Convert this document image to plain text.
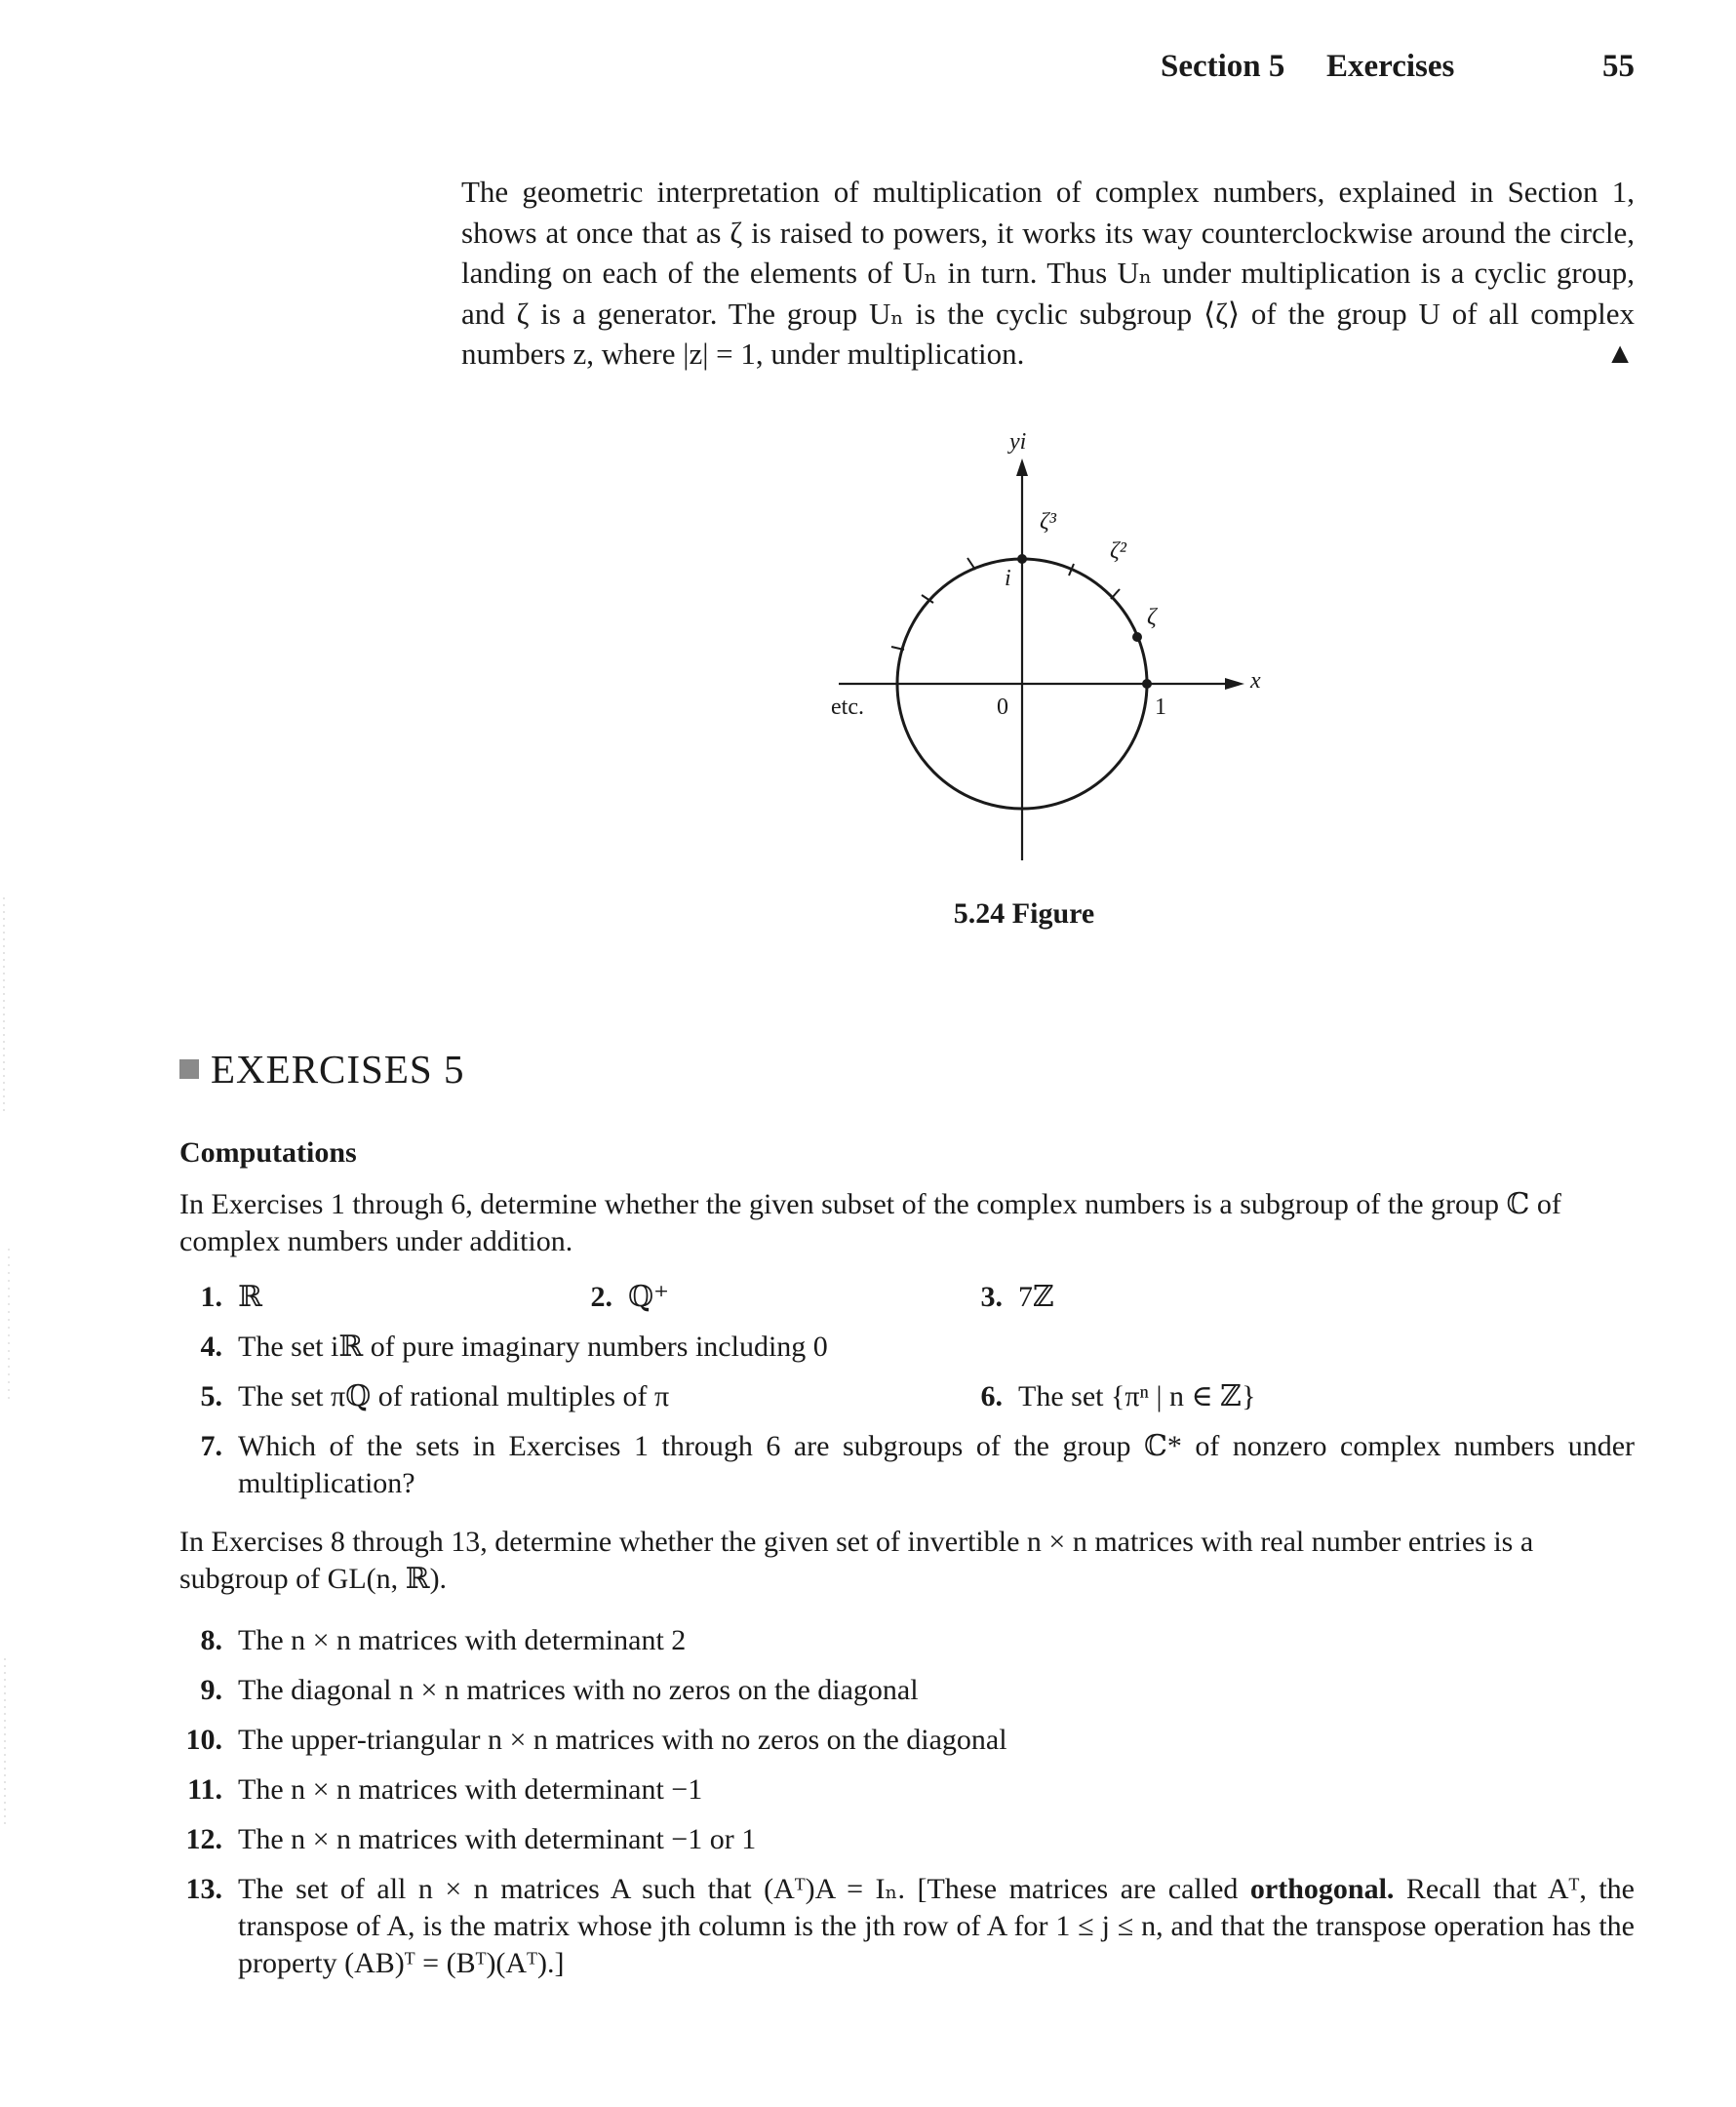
Section 5 Exercises	55
The geometric interpretation of multiplication of complex numbers, explained in Section 1, shows at once that as ζ is raised to powers, it works its way counterclockwise around the circle, landing on each of the elements of Uₙ in turn. Thus Uₙ under multiplication is a cyclic group, and ζ is a generator. The group Uₙ is the cyclic subgroup ⟨ζ⟩ of the group U of all complex numbers z, where |z| = 1, under multiplication.	▲
yi
x
ζ³
ζ²
ζ
i
0	1
etc.
5.24 Figure
EXERCISES 5
Computations
In Exercises 1 through 6, determine whether the given subset of the complex numbers is a subgroup of the group ℂ of complex numbers under addition.
1. ℝ	2. ℚ⁺	3. 7ℤ
4. The set iℝ of pure imaginary numbers including 0
5. The set πℚ of rational multiples of π	6. The set {πⁿ | n ∈ ℤ}
7. Which of the sets in Exercises 1 through 6 are subgroups of the group ℂ* of nonzero complex numbers under multiplication?
In Exercises 8 through 13, determine whether the given set of invertible n × n matrices with real number entries is a subgroup of GL(n, ℝ).
8. The n × n matrices with determinant 2
9. The diagonal n × n matrices with no zeros on the diagonal
10. The upper-triangular n × n matrices with no zeros on the diagonal
11. The n × n matrices with determinant −1
12. The n × n matrices with determinant −1 or 1
13. The set of all n × n matrices A such that (Aᵀ)A = Iₙ. [These matrices are called orthogonal. Recall that Aᵀ, the transpose of A, is the matrix whose jth column is the jth row of A for 1 ≤ j ≤ n, and that the transpose operation has the property (AB)ᵀ = (Bᵀ)(Aᵀ).]
